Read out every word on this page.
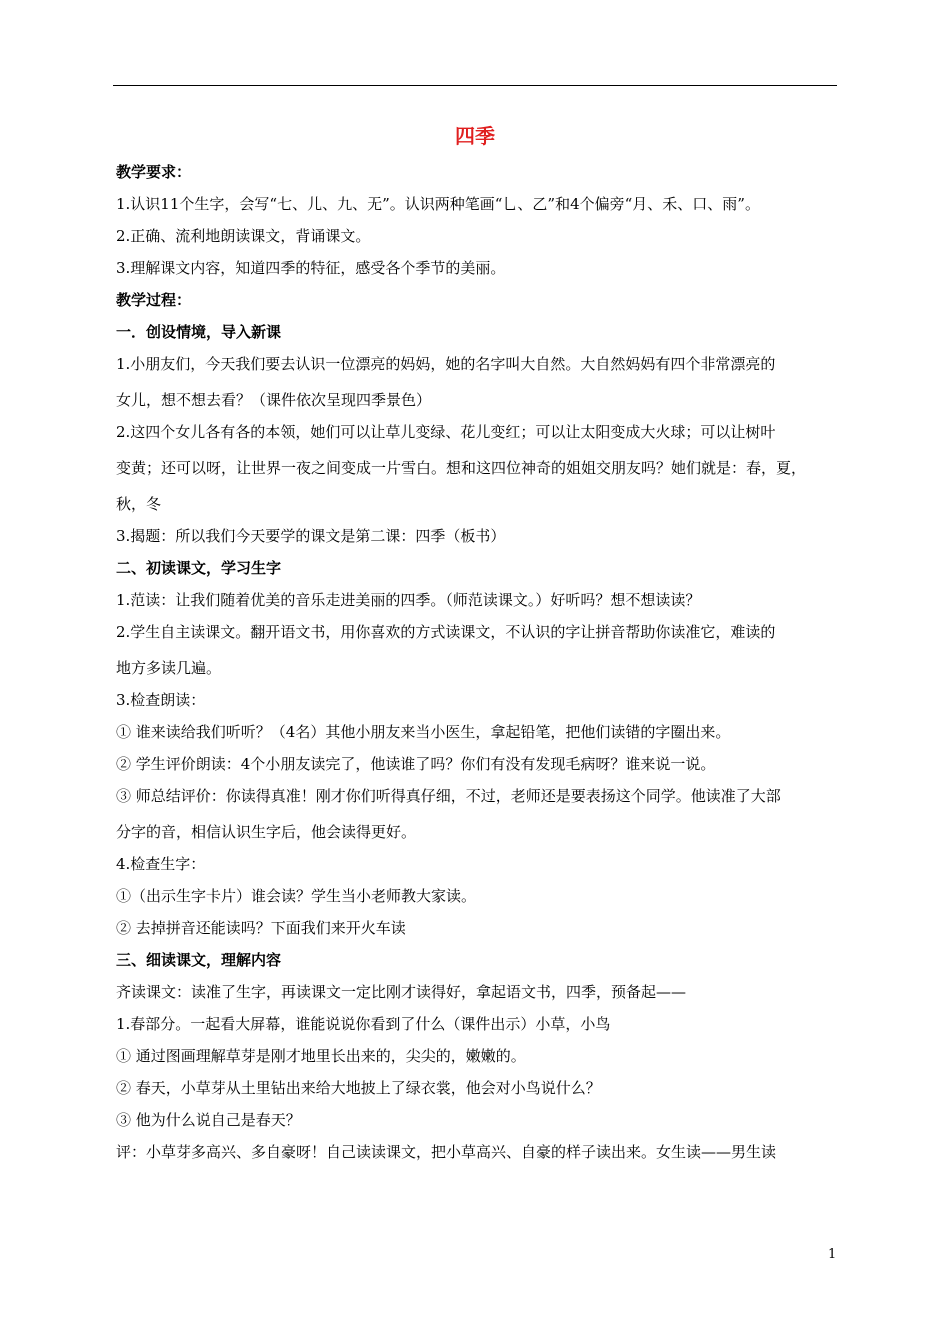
四季
教学要求：
1.认识11个生字，会写“七、儿、九、无”。认识两种笔画“乚、乙”和4个偏旁“月、禾、口、雨”。
2.正确、流利地朗读课文，背诵课文。
3.理解课文内容，知道四季的特征，感受各个季节的美丽。
教学过程：
一．创设情境，导入新课
1.小朋友们，今天我们要去认识一位漂亮的妈妈，她的名字叫大自然。大自然妈妈有四个非常漂亮的
女儿，想不想去看？（课件依次呈现四季景色）
2.这四个女儿各有各的本领，她们可以让草儿变绿、花儿变红；可以让太阳变成大火球；可以让树叶
变黄；还可以呀，让世界一夜之间变成一片雪白。想和这四位神奇的姐姐交朋友吗？她们就是：春，夏，
秋，冬
3.揭题：所以我们今天要学的课文是第二课：四季（板书）
二、初读课文，学习生字
1.范读：让我们随着优美的音乐走进美丽的四季。（师范读课文。）好听吗？想不想读读？
2.学生自主读课文。翻开语文书，用你喜欢的方式读课文，不认识的字让拼音帮助你读准它，难读的
地方多读几遍。
3.检查朗读：
① 谁来读给我们听听？（4名）其他小朋友来当小医生，拿起铅笔，把他们读错的字圈出来。
② 学生评价朗读：4个小朋友读完了，他读谁了吗？你们有没有发现毛病呀？谁来说一说。
③ 师总结评价：你读得真准！刚才你们听得真仔细，不过，老师还是要表扬这个同学。他读准了大部
分字的音，相信认识生字后，他会读得更好。
4.检查生字：
①（出示生字卡片）谁会读？学生当小老师教大家读。
② 去掉拼音还能读吗？下面我们来开火车读
三、细读课文，理解内容
齐读课文：读准了生字，再读课文一定比刚才读得好，拿起语文书，四季，预备起——
1.春部分。一起看大屏幕，谁能说说你看到了什么（课件出示）小草，小鸟
① 通过图画理解草芽是刚才地里长出来的，尖尖的，嫩嫩的。
② 春天，小草芽从土里钻出来给大地披上了绿衣裳，他会对小鸟说什么？
③ 他为什么说自己是春天？
评：小草芽多高兴、多自豪呀！自己读读课文，把小草高兴、自豪的样子读出来。女生读——男生读
1
